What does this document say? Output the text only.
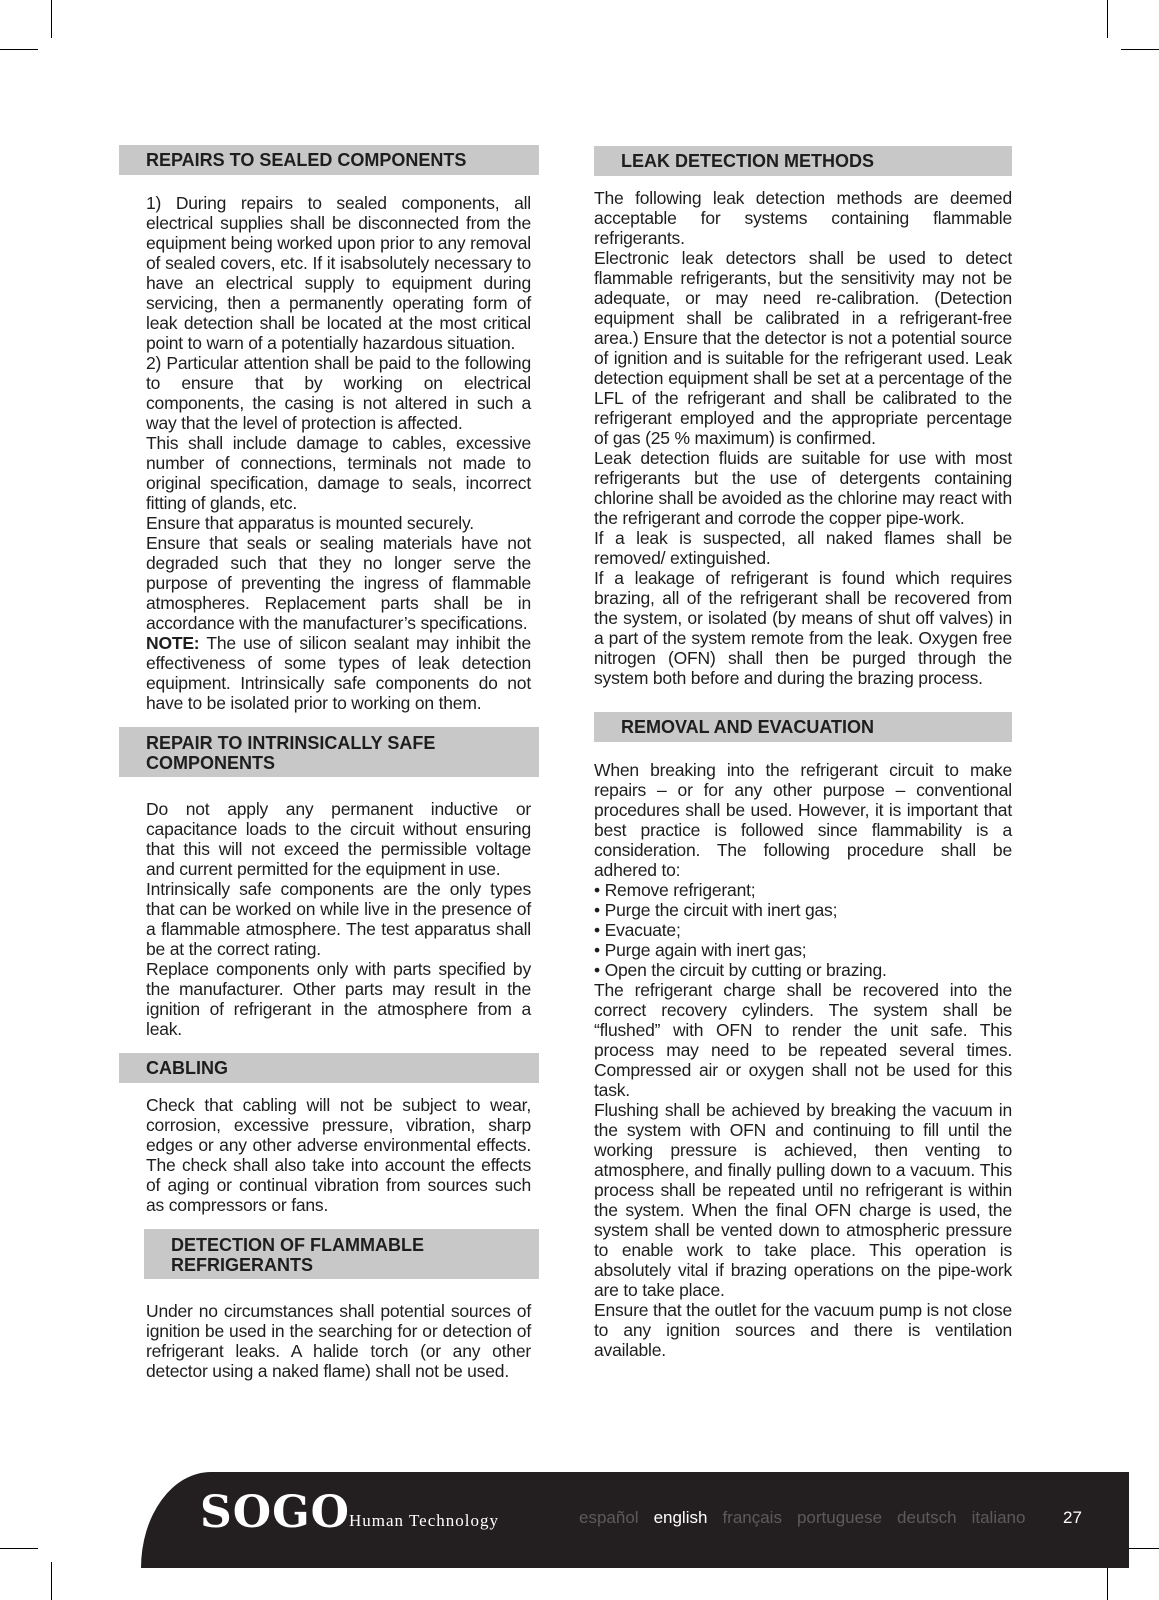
REPAIRS TO SEALED COMPONENTS

1) During repairs to sealed components, all electrical supplies shall be disconnected from the equipment being worked upon prior to any removal of sealed covers, etc. If it isabsolutely necessary to have an electrical supply to equipment during servicing, then a permanently operating form of leak detection shall be located at the most critical point to warn of a potentially hazardous situation.

2) Particular attention shall be paid to the following to ensure that by working on electrical components, the casing is not altered in such a way that the level of protection is affected.

This shall include damage to cables, excessive number of connections, terminals not made to original specification, damage to seals, incorrect fitting of glands, etc.

Ensure that apparatus is mounted securely.

Ensure that seals or sealing materials have not degraded such that they no longer serve the purpose of preventing the ingress of flammable atmospheres. Replacement parts shall be in accordance with the manufacturer’s specifications.

NOTE: The use of silicon sealant may inhibit the effectiveness of some types of leak detection equipment. Intrinsically safe components do not have to be isolated prior to working on them.

REPAIR TO INTRINSICALLY SAFE COMPONENTS

Do not apply any permanent inductive or capacitance loads to the circuit without ensuring that this will not exceed the permissible voltage and current permitted for the equipment in use.

Intrinsically safe components are the only types that can be worked on while live in the presence of a flammable atmosphere. The test apparatus shall be at the correct rating.

Replace components only with parts specified by the manufacturer. Other parts may result in the ignition of refrigerant in the atmosphere from a leak.

CABLING

Check that cabling will not be subject to wear, corrosion, excessive pressure, vibration, sharp edges or any other adverse environmental effects. The check shall also take into account the effects of aging or continual vibration from sources such as compressors or fans.

DETECTION OF FLAMMABLE REFRIGERANTS

Under no circumstances shall potential sources of ignition be used in the searching for or detection of refrigerant leaks. A halide torch (or any other detector using a naked flame) shall not be used.

LEAK DETECTION METHODS

The following leak detection methods are deemed acceptable for systems containing flammable refrigerants.

Electronic leak detectors shall be used to detect flammable refrigerants, but the sensitivity may not be adequate, or may need re-calibration. (Detection equipment shall be calibrated in a refrigerant-free area.) Ensure that the detector is not a potential source of ignition and is suitable for the refrigerant used. Leak detection equipment shall be set at a percentage of the LFL of the refrigerant and shall be calibrated to the refrigerant employed and the appropriate percentage of gas (25 % maximum) is confirmed.

Leak detection fluids are suitable for use with most refrigerants but the use of detergents containing chlorine shall be avoided as the chlorine may react with the refrigerant and corrode the copper pipe-work.

If a leak is suspected, all naked flames shall be removed/ extinguished.

If a leakage of refrigerant is found which requires brazing, all of the refrigerant shall be recovered from the system, or isolated (by means of shut off valves) in a part of the system remote from the leak. Oxygen free nitrogen (OFN) shall then be purged through the system both before and during the brazing process.

REMOVAL AND EVACUATION

When breaking into the refrigerant circuit to make repairs – or for any other purpose – conventional procedures shall be used. However, it is important that best practice is followed since flammability is a consideration. The following procedure shall be adhered to:

• Remove refrigerant;
• Purge the circuit with inert gas;
• Evacuate;
• Purge again with inert gas;
• Open the circuit by cutting or brazing.

The refrigerant charge shall be recovered into the correct recovery cylinders. The system shall be “flushed” with OFN to render the unit safe. This process may need to be repeated several times. Compressed air or oxygen shall not be used for this task.

Flushing shall be achieved by breaking the vacuum in the system with OFN and continuing to fill until the working pressure is achieved, then venting to atmosphere, and finally pulling down to a vacuum. This process shall be repeated until no refrigerant is within the system. When the final OFN charge is used, the system shall be vented down to atmospheric pressure to enable work to take place. This operation is absolutely vital if brazing operations on the pipe-work are to take place.

Ensure that the outlet for the vacuum pump is not close to any ignition sources and there is ventilation available.

SOGO
Human Technology	español english français portuguese deutsch italiano 27
